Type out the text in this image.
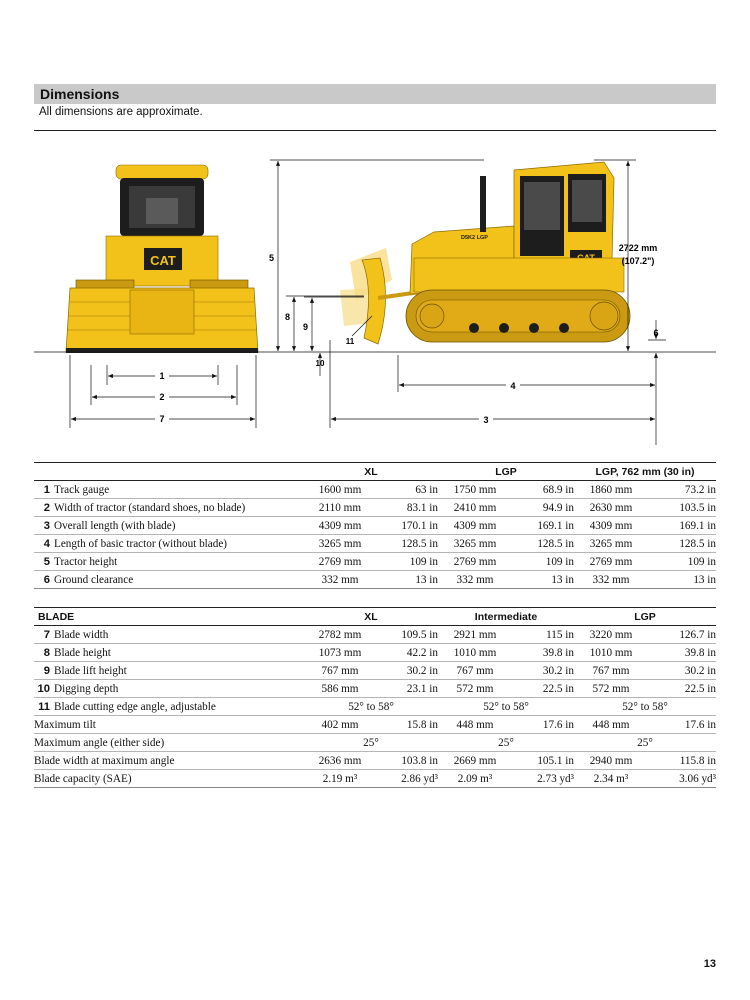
Dimensions
All dimensions are approximate.
CAT
1
2
7
D5K2 LGP
5
8
9
10
11
6
4
3
2722 mm
(107.2")
	XL		LGP		LGP, 762 mm (30 in)	
1 Track gauge	1600 mm	63 in	1750 mm	68.9 in	1860 mm	73.2 in
2 Width of tractor (standard shoes, no blade)	2110 mm	83.1 in	2410 mm	94.9 in	2630 mm	103.5 in
3 Overall length (with blade)	4309 mm	170.1 in	4309 mm	169.1 in	4309 mm	169.1 in
4 Length of basic tractor (without blade)	3265 mm	128.5 in	3265 mm	128.5 in	3265 mm	128.5 in
5 Tractor height	2769 mm	109 in	2769 mm	109 in	2769 mm	109 in
6 Ground clearance	332 mm	13 in	332 mm	13 in	332 mm	13 in
BLADE	XL		Intermediate		LGP	
7 Blade width	2782 mm	109.5 in	2921 mm	115 in	3220 mm	126.7 in
8 Blade height	1073 mm	42.2 in	1010 mm	39.8 in	1010 mm	39.8 in
9 Blade lift height	767 mm	30.2 in	767 mm	30.2 in	767 mm	30.2 in
10 Digging depth	586 mm	23.1 in	572 mm	22.5 in	572 mm	22.5 in
11 Blade cutting edge angle, adjustable	52° to 58°		52° to 58°		52° to 58°	
Maximum tilt	402 mm	15.8 in	448 mm	17.6 in	448 mm	17.6 in
Maximum angle (either side)	25°		25°		25°	
Blade width at maximum angle	2636 mm	103.8 in	2669 mm	105.1 in	2940 mm	115.8 in
Blade capacity (SAE)	2.19 m³	2.86 yd³	2.09 m³	2.73 yd³	2.34 m³	3.06 yd³
13
